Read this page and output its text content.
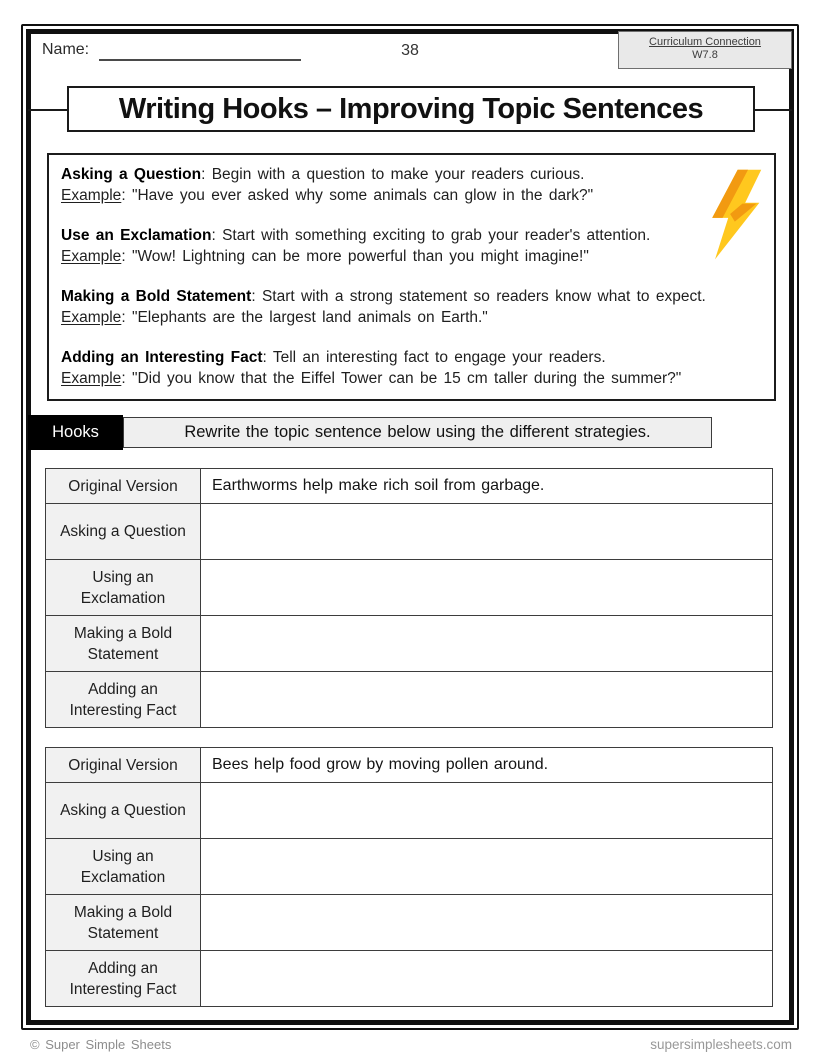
Name:	38	Curriculum Connection
W7.8
Writing Hooks – Improving Topic Sentences
Asking a Question: Begin with a question to make your readers curious.
Example: "Have you ever asked why some animals can glow in the dark?"
Use an Exclamation: Start with something exciting to grab your reader's attention.
Example: "Wow! Lightning can be more powerful than you might imagine!"
Making a Bold Statement: Start with a strong statement so readers know what to expect.
Example: "Elephants are the largest land animals on Earth."
Adding an Interesting Fact: Tell an interesting fact to engage your readers.
Example: "Did you know that the Eiffel Tower can be 15 cm taller during the summer?"
Hooks	Rewrite the topic sentence below using the different strategies.
Original Version	Earthworms help make rich soil from garbage.
Asking a Question	
Using an Exclamation	
Making a Bold Statement	
Adding an Interesting Fact	
Original Version	Bees help food grow by moving pollen around.
Asking a Question	
Using an Exclamation	
Making a Bold Statement	
Adding an Interesting Fact	
© Super Simple Sheets	supersimplesheets.com
